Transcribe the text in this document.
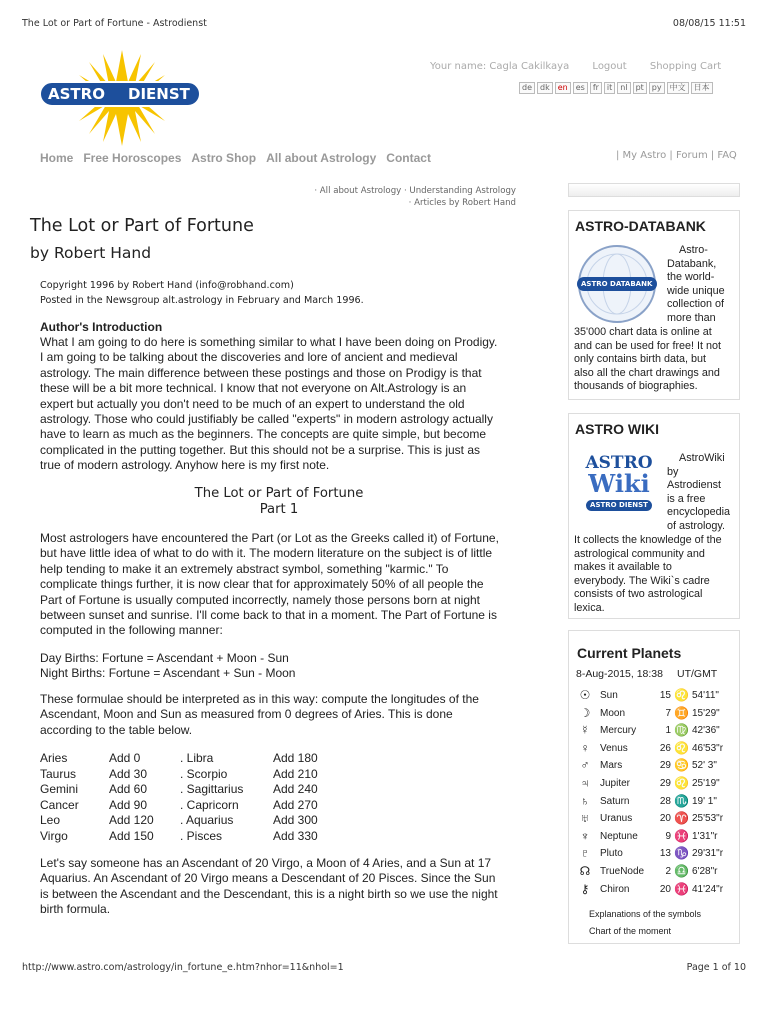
The Lot or Part of Fortune - Astrodienst	08/08/15 11:51
ASTRO DIENST
Your name: Cagla Cakilkaya Logout Shopping Cart
de	dk	en	es	fr	it	nl	pt	py	中文	日本
Home Free Horoscopes Astro Shop All about Astrology Contact	| My Astro | Forum | FAQ
· All about Astrology · Understanding Astrology
· Articles by Robert Hand
The Lot or Part of Fortune
by Robert Hand
Copyright 1996 by Robert Hand (info@robhand.com)
Posted in the Newsgroup alt.astrology in February and March 1996.
Author's Introduction

What I am going to do here is something similar to what I have been doing on Prodigy.

I am going to be talking about the discoveries and lore of ancient and medieval

astrology. The main difference between these postings and those on Prodigy is that

these will be a bit more technical. I know that not everyone on Alt.Astrology is an

expert but actually you don't need to be much of an expert to understand the old

astrology. Those who could justifiably be called "experts" in modern astrology actually

have to learn as much as the beginners. The concepts are quite simple, but become

complicated in the putting together. But this should not be a surprise. This is just as

true of modern astrology. Anyhow here is my first note.

The Lot or Part of Fortune
Part 1

Most astrologers have encountered the Part (or Lot as the Greeks called it) of Fortune,

but have little idea of what to do with it. The modern literature on the subject is of little

help tending to make it an extremely abstract symbol, something "karmic." To

complicate things further, it is now clear that for approximately 50% of all people the

Part of Fortune is usually computed incorrectly, namely those persons born at night

between sunset and sunrise. I'll come back to that in a moment. The Part of Fortune is

computed in the following manner:

Day Births: Fortune = Ascendant + Moon - Sun

Night Births: Fortune = Ascendant + Sun - Moon

These formulae should be interpreted as in this way: compute the longitudes of the

Ascendant, Moon and Sun as measured from 0 degrees of Aries. This is done

according to the table below.

Aries	Add 0	. Libra	Add 180
Taurus	Add 30	. Scorpio	Add 210
Gemini	Add 60	. Sagittarius	Add 240
Cancer	Add 90	. Capricorn	Add 270
Leo	Add 120	. Aquarius	Add 300
Virgo	Add 150	. Pisces	Add 330

Let's say someone has an Ascendant of 20 Virgo, a Moon of 4 Aries, and a Sun at 17

Aquarius. An Ascendant of 20 Virgo means a Descendant of 20 Pisces. Since the Sun

is between the Ascendant and the Descendant, this is a night birth so we use the night

birth formula.

ASTRO-DATABANK
ASTRO DATABANK
Astro-
Databank,
the world-
wide unique
collection of
more than
35'000 chart data is online at
and can be used for free! It not
only contains birth data, but
also all the chart drawings and
thousands of biographies.
ASTRO WIKI
ASTRO
Wiki
ASTRO DIENST
AstroWiki
by
Astrodienst
is a free
encyclopedia
of astrology.
It collects the knowledge of the
astrological community and
makes it available to
everybody. The Wiki`s cadre
consists of two astrological
lexica.
Current Planets
8-Aug-2015, 18:38 UT/GMT
☉ Sun	15 ♌ 54'11"
☽ Moon	7 ♊ 15'29"
☿	Mercury	1 ♍ 42'36"
♀	Venus	26 ♌ 46'53"r
♂	Mars	29 ♋ 52' 3"
♃	Jupiter	29 ♌ 25'19"
♄	Saturn	28 ♏ 19' 1"
♅	Uranus	20 ♈ 25'53"r
♆	Neptune	9 ♓ 1'31"r
♇	Pluto	13 ♑ 29'31"r
☊ TrueNode	2 ♎ 6'28"r
⚷	Chiron	20 ♓ 41'24"r
Explanations of the symbols
Chart of the moment
http://www.astro.com/astrology/in_fortune_e.htm?nhor=11&nhol=1	Page 1 of 10
